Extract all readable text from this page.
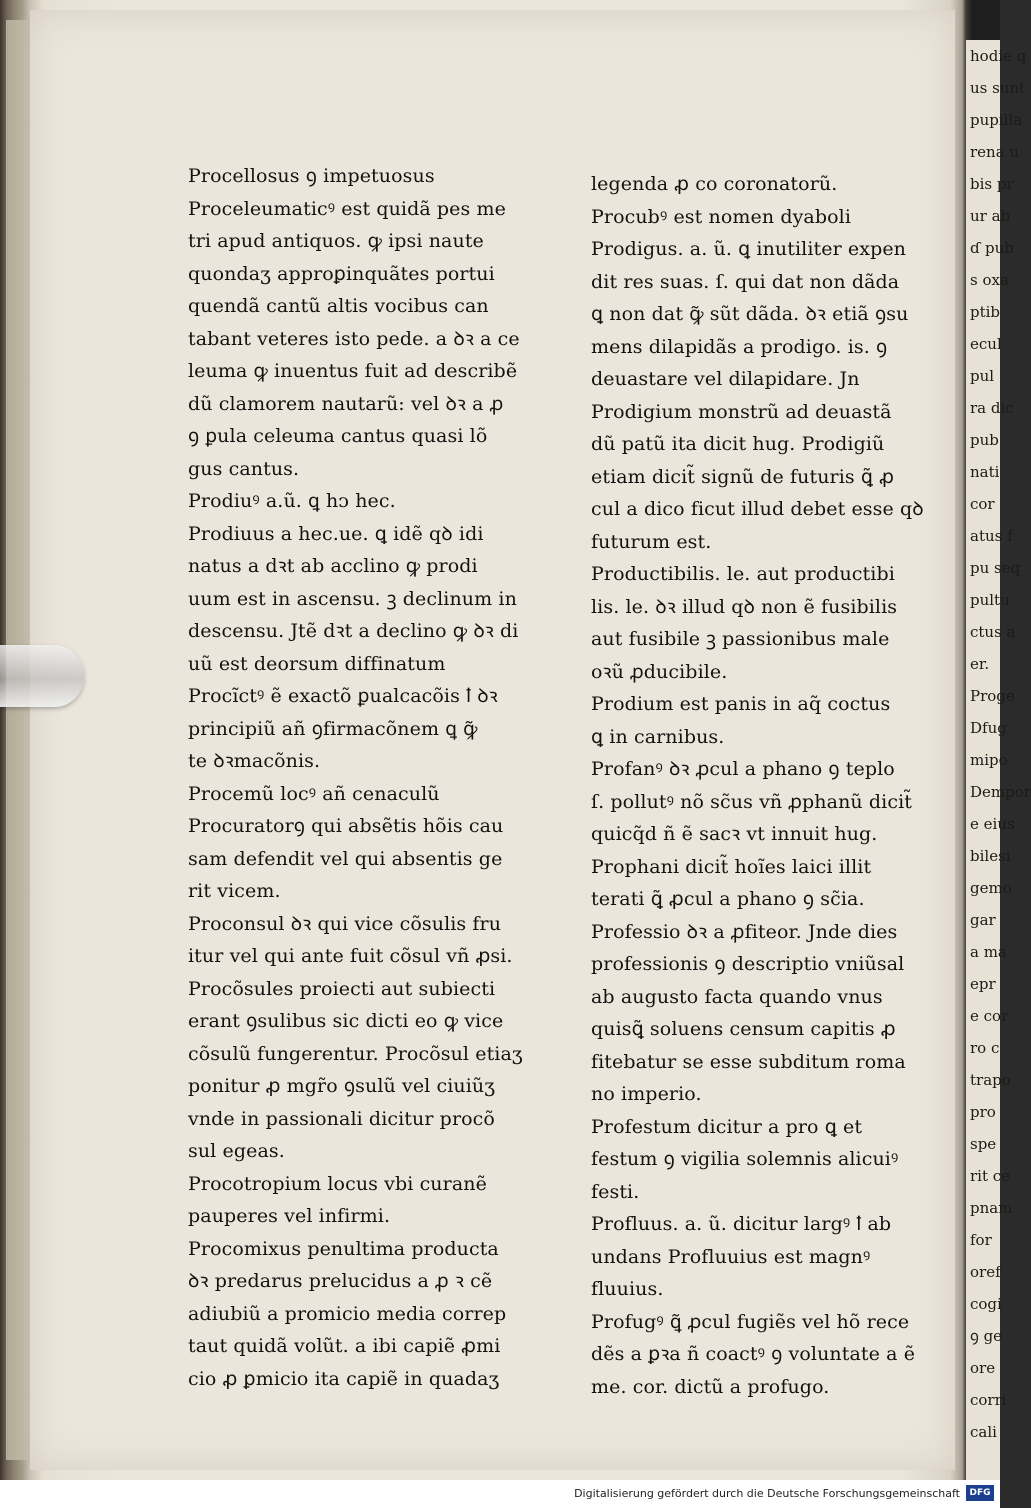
Procellosus ꝯ impetuosus
Proceleumaticꝰ est quidã pes me
tri apud antiquos. ꝙ ipsi naute
quondaʒ approꝑinquãtes portui
quendã cantũ altis vocibus can
tabant veteres isto pede. a ꝺꝛ a ce
leuma ꝙ inuentus fuit ad describẽ
dũ clamorem nautarũ: vel ꝺꝛ a ꝓ
ꝯ ꝑula celeuma cantus quasi lõ
gus cantus.
Prodiuꝰ a.ũ. ꝗ hᴐ hec.
Prodiuus a hec.ue. ꝗ idẽ qꝺ idi
natus a dꝛt ab acclino ꝙ prodi
uum est in ascensu. ꝫ declinum in
descensu. Jtẽ dꝛt a declino ꝙ ꝺꝛ di
uũ est deorsum diffinatum
Procĩctꝰ ẽ exactõ ꝑualcacõis ꝉ ꝺꝛ
principiũ añ ꝯfirmacõnem ꝗ ꝙ̃
te ꝺꝛmacõnis.
Procemũ locꝰ añ cenaculũ
Procuratorꝯ qui absẽtis hõis cau
sam defendit vel qui absentis ge
rit vicem.
Proconsul ꝺꝛ qui vice cõsulis fru
itur vel qui ante fuit cõsul vñ ꝓsi.
Procõsules proiecti aut subiecti
erant ꝯsulibus sic dicti eo ꝙ vice
cõsulũ fungerentur. Procõsul etiaʒ
ponitur ꝓ mgr̃o ꝯsulũ vel ciuiũʒ
vnde in passionali dicitur procõ
sul egeas.
Procotropium locus vbi curanẽ
pauperes vel infirmi.
Procomixus penultima producta
ꝺꝛ predarus prelucidus a ꝓ ꝛ cẽ
adiubiũ a promicio media correp
taut quidã volũt. a ibi capiẽ ꝓmi
cio ꝓ ꝑmicio ita capiẽ in quadaʒ
legenda ꝓ co coronatorũ.
Procubꝰ est nomen dyaboli
Prodigus. a. ũ. ꝗ inutiliter expen
dit res suas. ſ. qui dat non dãda
ꝗ non dat ꝙ̃ sũt dãda. ꝺꝛ etiã ꝯsu
mens dilapidãs a prodigo. is. ꝯ
deuastare vel dilapidare. Jn
Prodigium monstrũ ad deuastã
dũ patũ ita dicit hug. Prodigiũ
etiam dicit̃ signũ de futuris ꝗ̃ ꝓ
cul a dico ficut illud debet esse qꝺ
futurum est.
Productibilis. le. aut productibi
lis. le. ꝺꝛ illud qꝺ non ẽ fusibilis
aut fusibile ꝫ passionibus male
oꝛũ ꝓducibile.
Prodium est panis in aq̃ coctus
ꝗ in carnibus.
Profanꝰ ꝺꝛ ꝓcul a phano ꝯ teplo
ſ. pollutꝰ nõ sc̃us vñ ꝓphanũ dicit̃
quicq̃d ñ ẽ sacꝛ vt innuit hug.
Prophani dicit̃ hoĩes laici illit
terati ꝗ̃ ꝓcul a phano ꝯ sc̃ia.
Professio ꝺꝛ a ꝓfiteor. Jnde dies
professionis ꝯ descriptio vniũsal
ab augusto facta quando vnus
quisꝗ̃ soluens censum capitis ꝓ
fitebatur se esse subditum roma
no imperio.
Profestum dicitur a pro ꝗ et
festum ꝯ vigilia solemnis alicuiꝰ
festi.
Profluus. a. ũ. dicitur largꝰ ꝉ ab
undans Profluuius est magnꝰ
fluuius.
Profugꝰ ꝗ̃ ꝓcul fugiẽs vel hõ rece
dẽs a ꝑꝛa ñ coactꝰ ꝯ voluntate a ẽ
me. cor. dictũ a profugo.
hodie q
us sunt
pupilla
rena u
bis pr
ur ab
ɗ pub
s oxa
ptib
ecul
pul
ra dic
pub
nati
cor
atus f
pu seq
pultu
ctus a
er.
Proge
Dfug
mipo
Dempor
e eius
bilesi
gemo
gar
a ma
epr
e cor
ro c
trapo
pro
spe
rit ce
pnam
for
oref
cogi
ꝯ ge
ore
corri
cali
Digitalisierung gefördert durch die Deutsche Forschungsgemeinschaft	DFG
